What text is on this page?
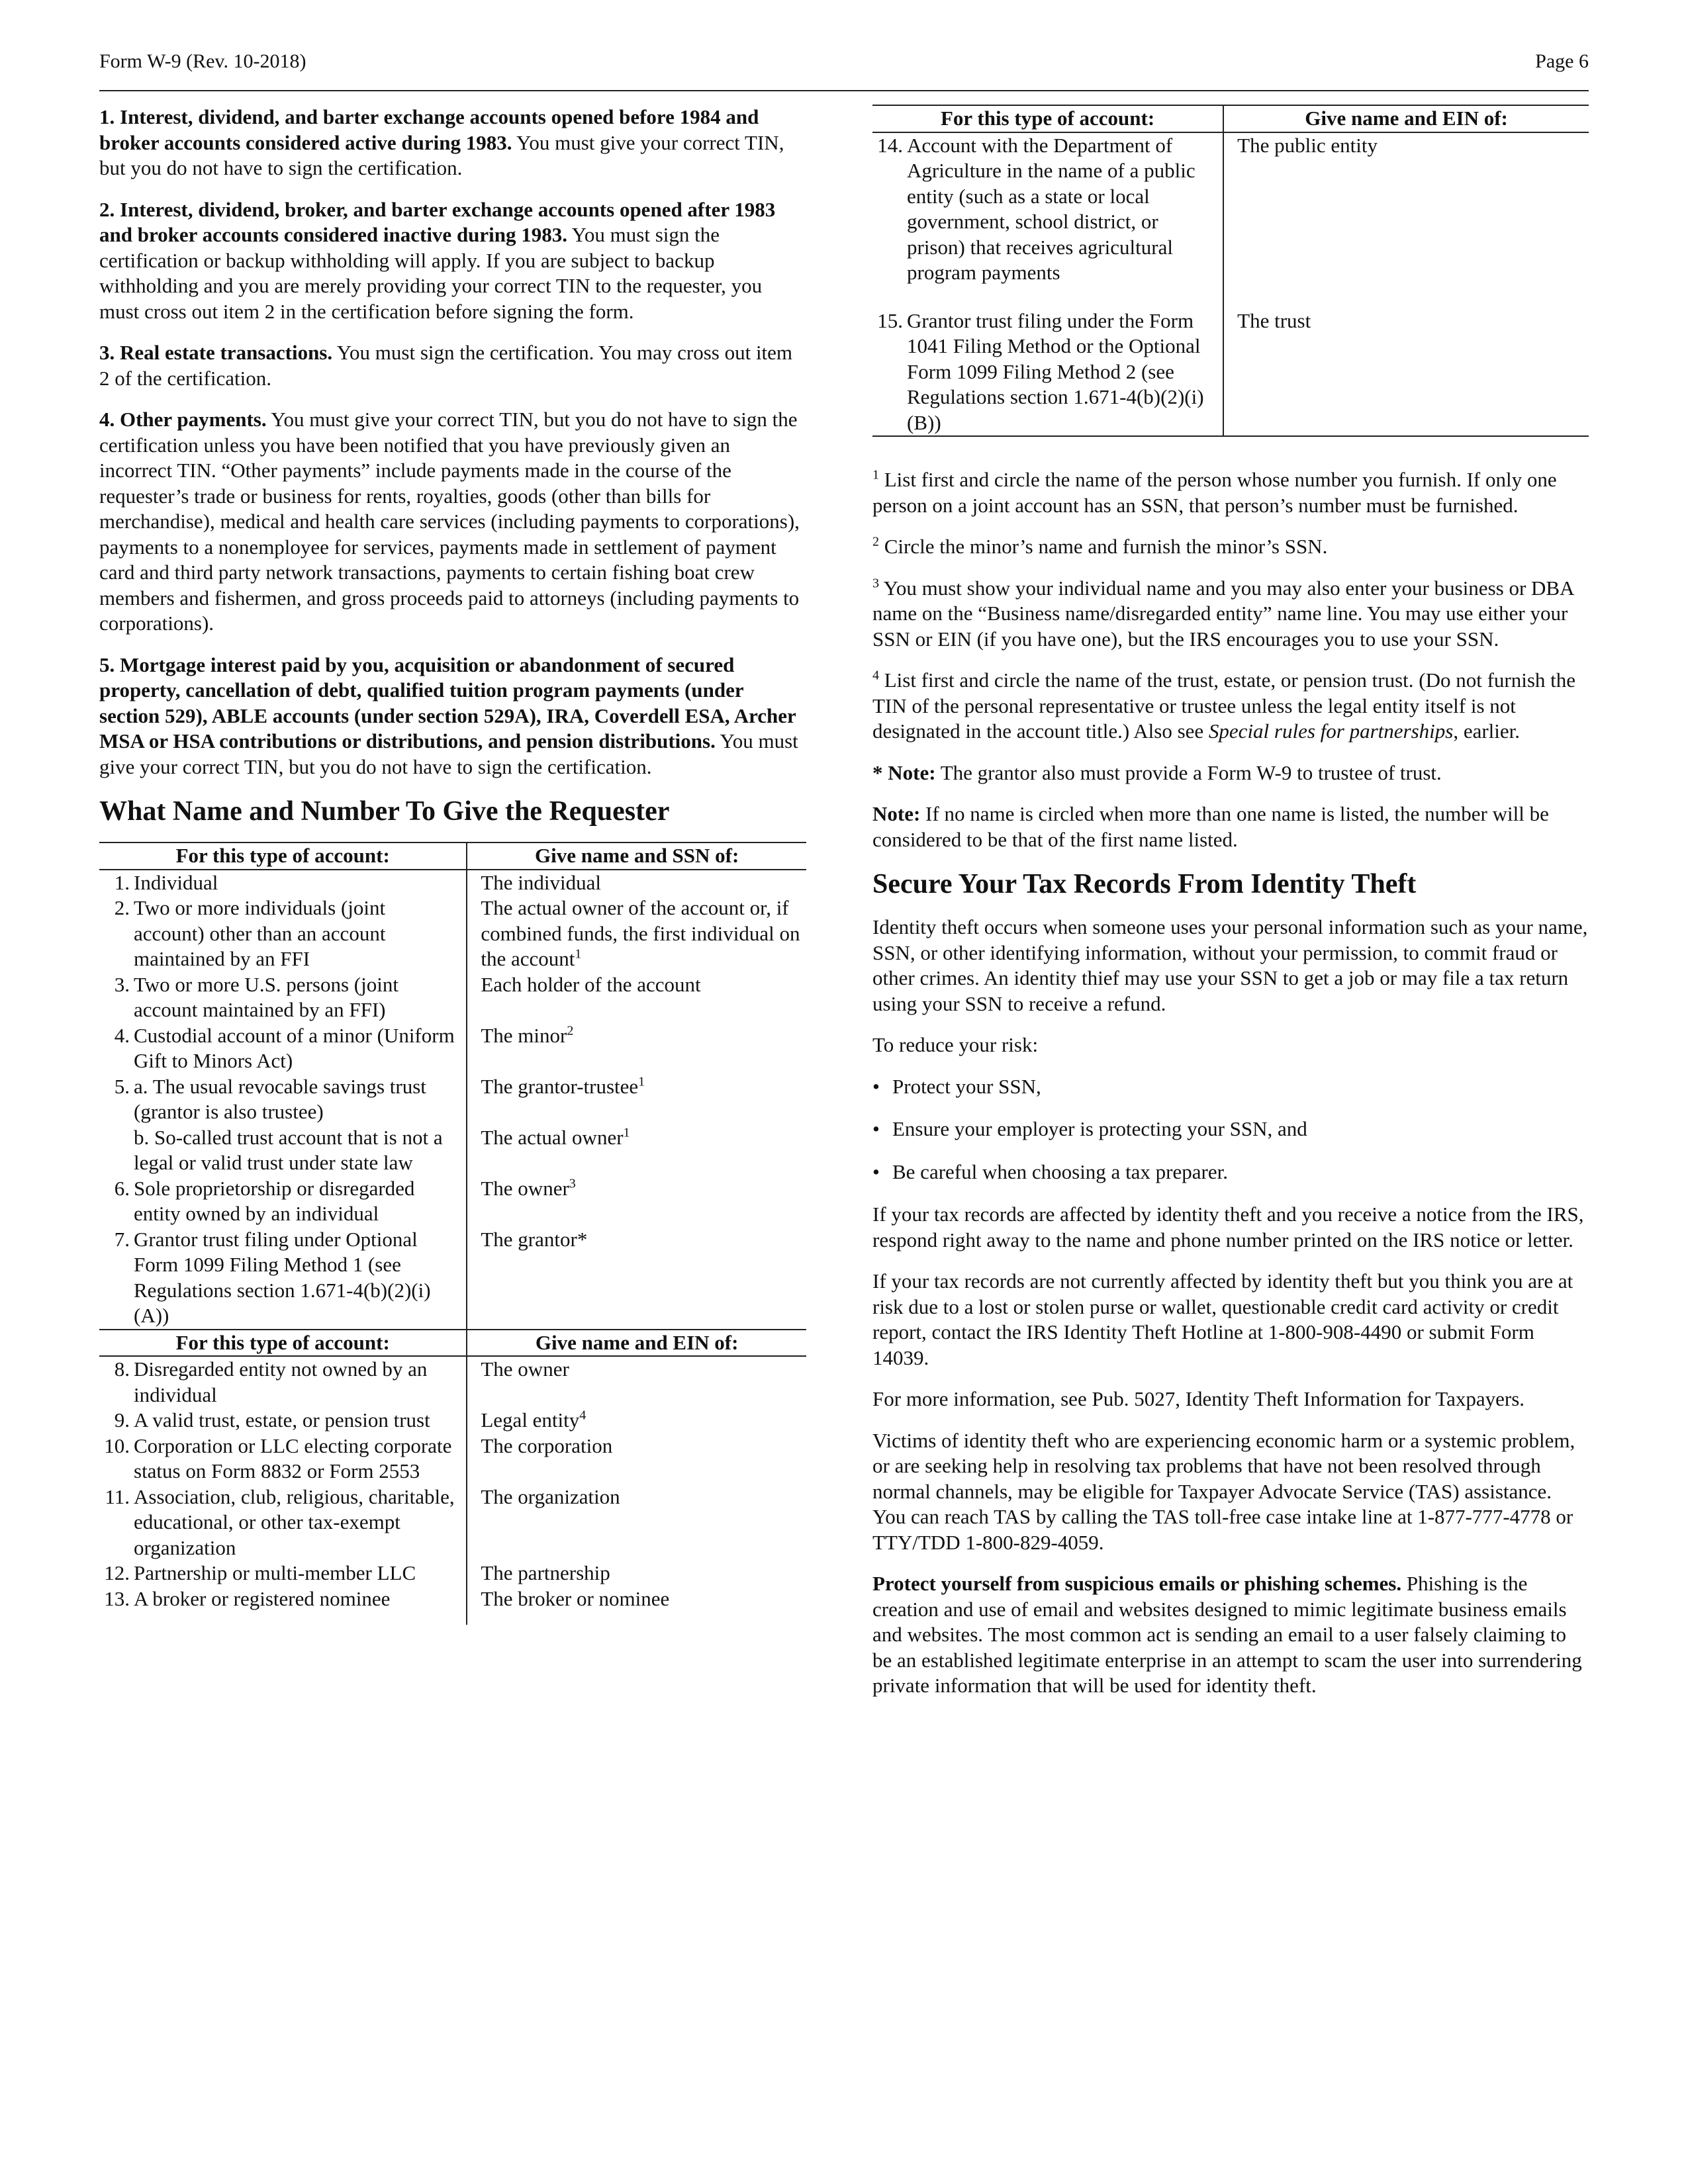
Form W-9 (Rev. 10-2018)	Page 6

1. Interest, dividend, and barter exchange accounts opened before 1984 and broker accounts considered active during 1983. You must give your correct TIN, but you do not have to sign the certification.

2. Interest, dividend, broker, and barter exchange accounts opened after 1983 and broker accounts considered inactive during 1983. You must sign the certification or backup withholding will apply. If you are subject to backup withholding and you are merely providing your correct TIN to the requester, you must cross out item 2 in the certification before signing the form.

3. Real estate transactions. You must sign the certification. You may cross out item 2 of the certification.

4. Other payments. You must give your correct TIN, but you do not have to sign the certification unless you have been notified that you have previously given an incorrect TIN. “Other payments” include payments made in the course of the requester’s trade or business for rents, royalties, goods (other than bills for merchandise), medical and health care services (including payments to corporations), payments to a nonemployee for services, payments made in settlement of payment card and third party network transactions, payments to certain fishing boat crew members and fishermen, and gross proceeds paid to attorneys (including payments to corporations).

5. Mortgage interest paid by you, acquisition or abandonment of secured property, cancellation of debt, qualified tuition program payments (under section 529), ABLE accounts (under section 529A), IRA, Coverdell ESA, Archer MSA or HSA contributions or distributions, and pension distributions. You must give your correct TIN, but you do not have to sign the certification.

What Name and Number To Give the Requester
For this type of account:	Give name and SSN of:
1. Individual	The individual
2. Two or more individuals (joint account) other than an account maintained by an FFI	The actual owner of the account or, if combined funds, the first individual on the account$^1$
3. Two or more U.S. persons (joint account maintained by an FFI)	Each holder of the account
4. Custodial account of a minor (Uniform Gift to Minors Act)	The minor$^2$
5. a. The usual revocable savings trust (grantor is also trustee)	The grantor-trustee$^1$
b. So-called trust account that is not a legal or valid trust under state law	The actual owner$^1$
6. Sole proprietorship or disregarded entity owned by an individual	The owner$^3$
7. Grantor trust filing under Optional Form 1099 Filing Method 1 (see Regulations section 1.671-4(b)(2)(i)(A))	The grantor*
For this type of account:	Give name and EIN of:
8. Disregarded entity not owned by an individual	The owner
9. A valid trust, estate, or pension trust	Legal entity$^4$
10. Corporation or LLC electing corporate status on Form 8832 or Form 2553	The corporation
11. Association, club, religious, charitable, educational, or other tax-exempt organization	The organization
12. Partnership or multi-member LLC	The partnership
13. A broker or registered nominee	The broker or nominee
For this type of account:	Give name and EIN of:
14. Account with the Department of Agriculture in the name of a public entity (such as a state or local government, school district, or prison) that receives agricultural program payments	The public entity
15. Grantor trust filing under the Form 1041 Filing Method or the Optional Form 1099 Filing Method 2 (see Regulations section 1.671-4(b)(2)(i)(B))	The trust

$^1$ List first and circle the name of the person whose number you furnish. If only one person on a joint account has an SSN, that person’s number must be furnished.

$^2$ Circle the minor’s name and furnish the minor’s SSN.

$^3$ You must show your individual name and you may also enter your business or DBA name on the “Business name/disregarded entity” name line. You may use either your SSN or EIN (if you have one), but the IRS encourages you to use your SSN.

$^4$ List first and circle the name of the trust, estate, or pension trust. (Do not furnish the TIN of the personal representative or trustee unless the legal entity itself is not designated in the account title.) Also see Special rules for partnerships, earlier.

* Note: The grantor also must provide a Form W-9 to trustee of trust.

Note: If no name is circled when more than one name is listed, the number will be considered to be that of the first name listed.

Secure Your Tax Records From Identity Theft

Identity theft occurs when someone uses your personal information such as your name, SSN, or other identifying information, without your permission, to commit fraud or other crimes. An identity thief may use your SSN to get a job or may file a tax return using your SSN to receive a refund.

To reduce your risk:

• Protect your SSN,
• Ensure your employer is protecting your SSN, and
• Be careful when choosing a tax preparer.

If your tax records are affected by identity theft and you receive a notice from the IRS, respond right away to the name and phone number printed on the IRS notice or letter.

If your tax records are not currently affected by identity theft but you think you are at risk due to a lost or stolen purse or wallet, questionable credit card activity or credit report, contact the IRS Identity Theft Hotline at 1-800-908-4490 or submit Form 14039.

For more information, see Pub. 5027, Identity Theft Information for Taxpayers.

Victims of identity theft who are experiencing economic harm or a systemic problem, or are seeking help in resolving tax problems that have not been resolved through normal channels, may be eligible for Taxpayer Advocate Service (TAS) assistance. You can reach TAS by calling the TAS toll-free case intake line at 1-877-777-4778 or TTY/TDD 1-800-829-4059.

Protect yourself from suspicious emails or phishing schemes. Phishing is the creation and use of email and websites designed to mimic legitimate business emails and websites. The most common act is sending an email to a user falsely claiming to be an established legitimate enterprise in an attempt to scam the user into surrendering private information that will be used for identity theft.
